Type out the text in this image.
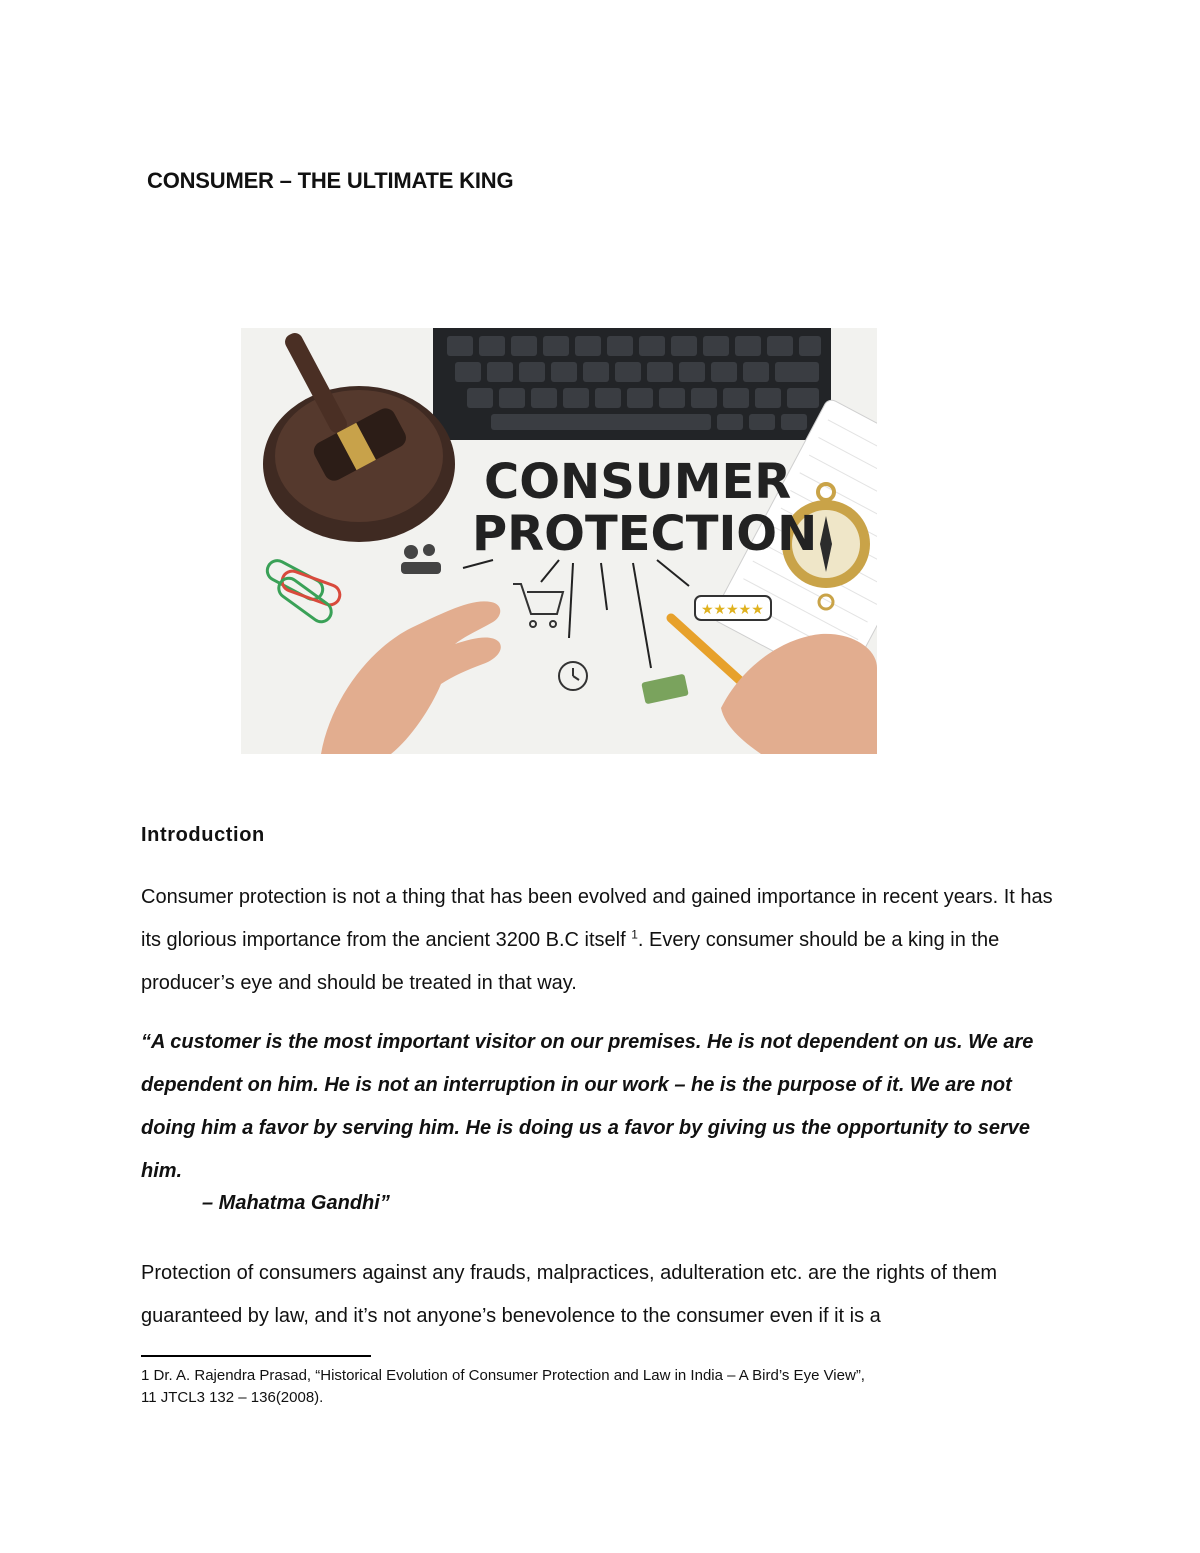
CONSUMER – THE ULTIMATE KING
CONSUMER
PROTECTION
★★★★★
Introduction

Consumer protection is not a thing that has been evolved and gained importance in recent years. It has its glorious importance from the ancient 3200 B.C itself $^1$. Every consumer should be a king in the producer’s eye and should be treated in that way.

“A customer is the most important visitor on our premises. He is not dependent on us. We are dependent on him. He is not an interruption in our work – he is the purpose of it. We are not doing him a favor by serving him. He is doing us a favor by giving us the opportunity to serve him.

– Mahatma Gandhi”

Protection of consumers against any frauds, malpractices, adulteration etc. are the rights of them guaranteed by law, and it’s not anyone’s benevolence to the consumer even if it is a

1 Dr. A. Rajendra Prasad, “Historical Evolution of Consumer Protection and Law in India – A Bird’s Eye View”,
11 JTCL3 132 – 136(2008).
